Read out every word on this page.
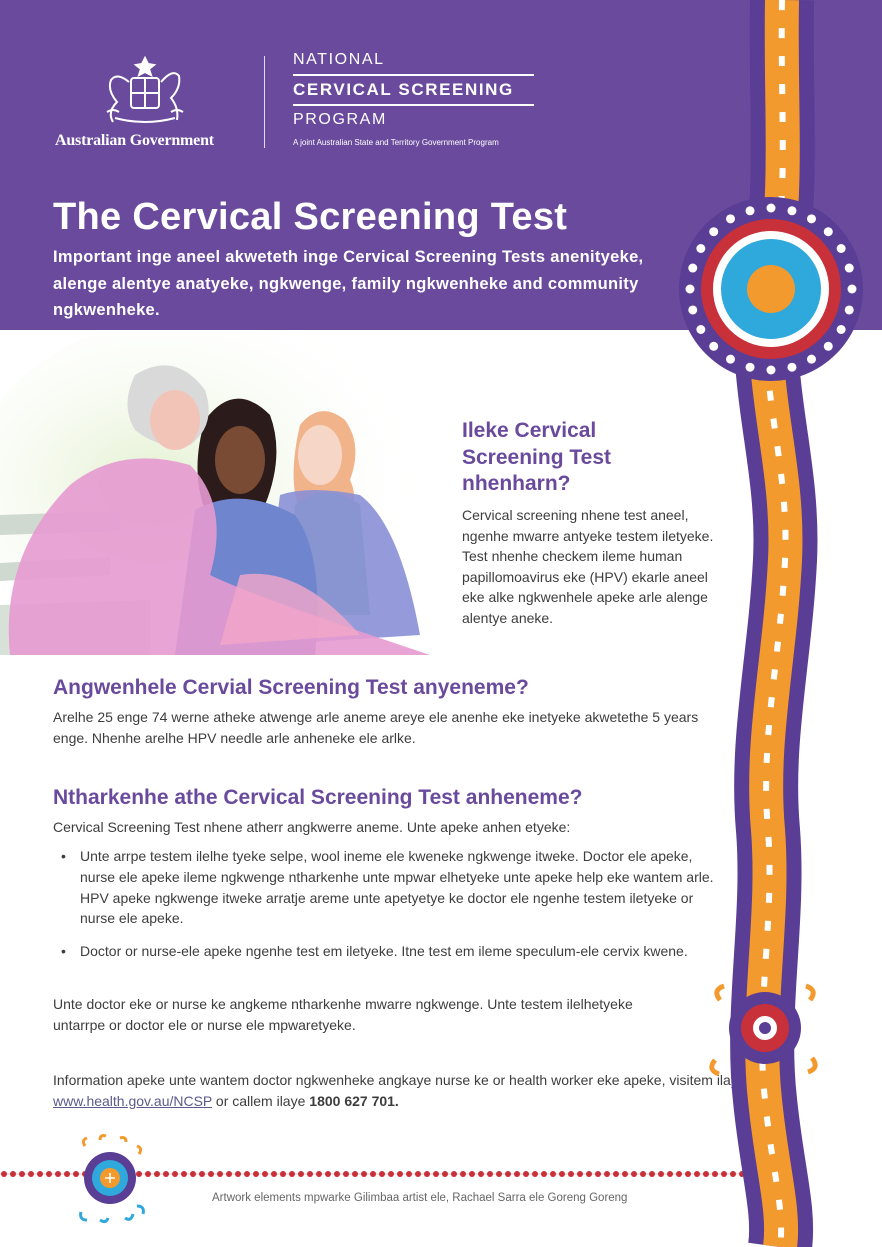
Australian Government
NATIONAL
CERVICAL SCREENING
PROGRAM
A joint Australian State and Territory Government Program
The Cervical Screening Test

Important inge aneel akweteth inge Cervical Screening Tests anenityeke, alenge alentye anatyeke, ngkwenge, family ngkwenheke and community ngkwenheke.

Ileke Cervical Screening Test nhenharn?

Cervical screening nhene test aneel, ngenhe mwarre antyeke testem iletyeke. Test nhenhe checkem ileme human papillomoavirus eke (HPV) ekarle aneel eke alke ngkwenhele apeke arle alenge alentye aneke.

Angwenhele Cervial Screening Test anyeneme?

Arelhe 25 enge 74 werne atheke atwenge arle aneme areye ele anenhe eke inetyeke akwetethe 5 years enge. Nhenhe arelhe HPV needle arle anheneke ele arlke.

Ntharkenhe athe Cervical Screening Test anheneme?

Cervical Screening Test nhene atherr angkwerre aneme. Unte apeke anhen etyeke:

• Unte arrpe testem ilelhe tyeke selpe, wool ineme ele kweneke ngkwenge itweke. Doctor ele apeke, nurse ele apeke ileme ngkwenge ntharkenhe unte mpwar elhetyeke unte apeke help eke wantem arle. HPV apeke ngkwenge itweke arratje areme unte apetyetye ke doctor ele ngenhe testem iletyeke or nurse ele apeke.
• Doctor or nurse-ele apeke ngenhe test em iletyeke. Itne test em ileme speculum-ele cervix kwene.

Unte doctor eke or nurse ke angkeme ntharkenhe mwarre ngkwenge. Unte testem ilelhetyeke untarrpe or doctor ele or nurse ele mpwaretyeke.

Information apeke unte wantem doctor ngkwenheke angkaye nurse ke or health worker eke apeke, visitem ilay www.health.gov.au/NCSP or callem ilaye 1800 627 701.

Artwork elements mpwarke Gilimbaa artist ele, Rachael Sarra ele Goreng Goreng
